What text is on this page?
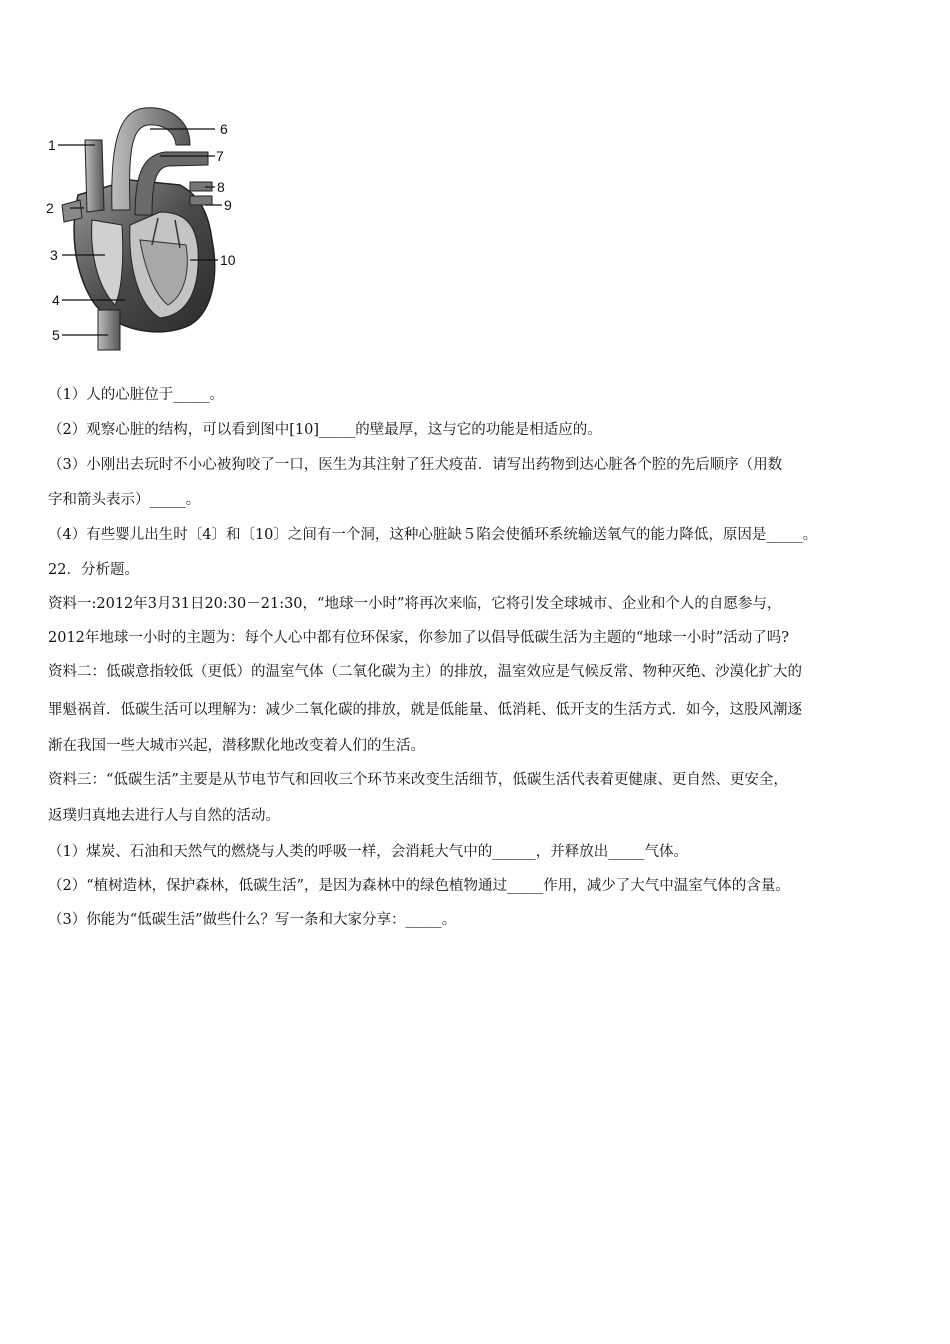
1
2
3
4
5
6
7
8
9
10
（1）人的心脏位于_____。
（2）观察心脏的结构，可以看到图中[10]_____的壁最厚，这与它的功能是相适应的。
（3）小刚出去玩时不小心被狗咬了一口，医生为其注射了狂犬疫苗．请写出药物到达心脏各个腔的先后顺序（用数
字和箭头表示）_____。
（4）有些婴儿出生时〔4〕和〔10〕之间有一个洞，这种心脏缺５陷会使循环系统输送氧气的能力降低，原因是_____。
22．分析题。
资料一:2012年3月31日20:30－21:30，“地球一小时”将再次来临，它将引发全球城市、企业和个人的自愿参与，
2012年地球一小时的主题为：每个人心中都有位环保家，你参加了以倡导低碳生活为主题的“地球一小时”活动了吗?
资料二：低碳意指较低（更低）的温室气体（二氧化碳为主）的排放，温室效应是气候反常、物种灭绝、沙漠化扩大的
罪魁祸首．低碳生活可以理解为：减少二氧化碳的排放，就是低能量、低消耗、低开支的生活方式．如今，这股风潮逐
渐在我国一些大城市兴起，潜移默化地改变着人们的生活。
资料三：“低碳生活”主要是从节电节气和回收三个环节来改变生活细节，低碳生活代表着更健康、更自然、更安全，
返璞归真地去进行人与自然的活动。
（1）煤炭、石油和天然气的燃烧与人类的呼吸一样，会消耗大气中的______，并释放出_____气体。
（2）“植树造林，保护森林，低碳生活”，是因为森林中的绿色植物通过_____作用，减少了大气中温室气体的含量。
（3）你能为“低碳生活”做些什么？写一条和大家分享：_____。
